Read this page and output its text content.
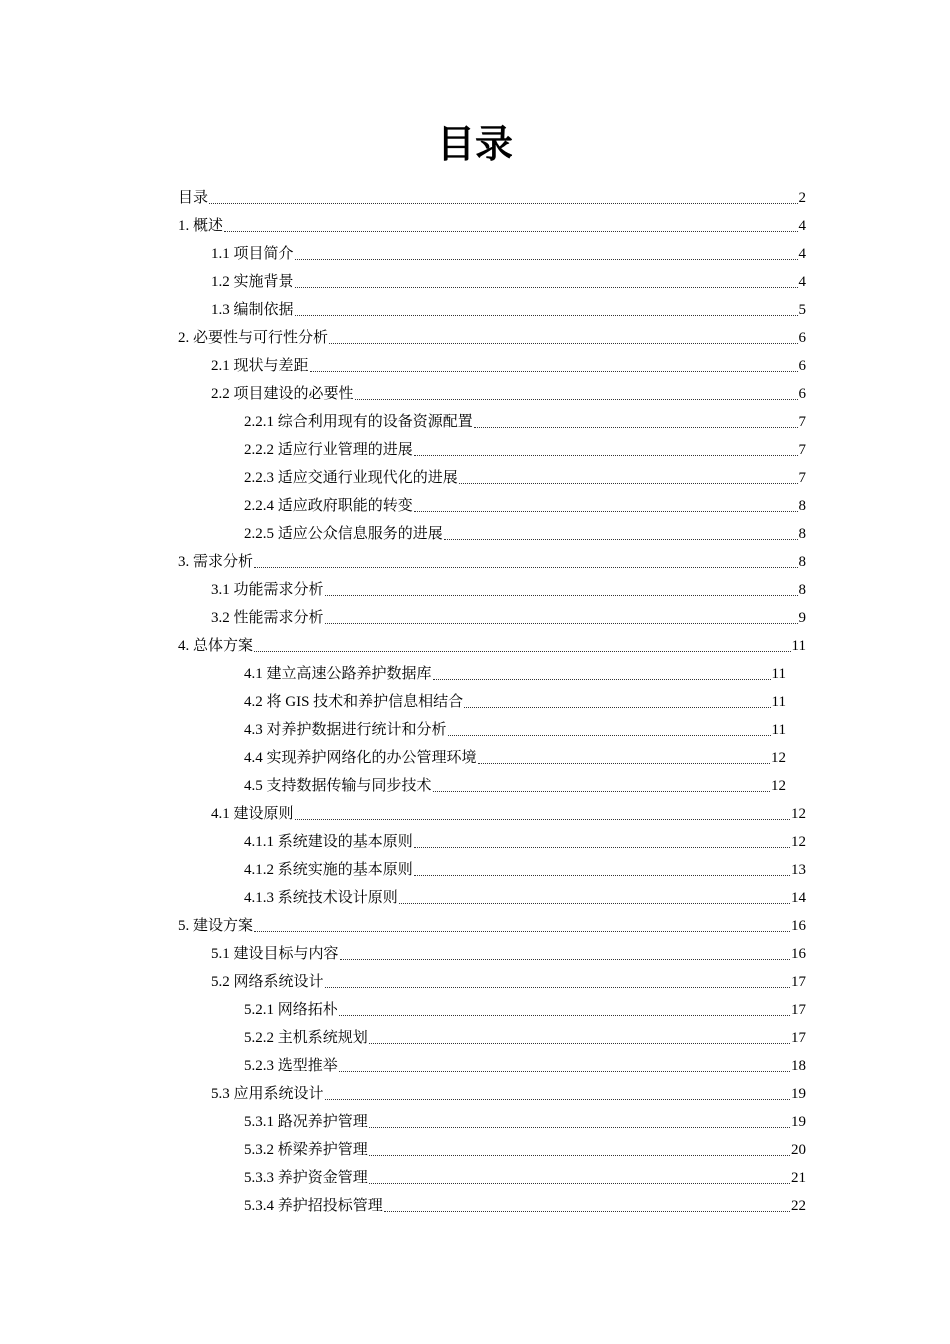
目录
目录	2
1. 概述	4
1.1 项目简介	4
1.2 实施背景	4
1.3 编制依据	5
2. 必要性与可行性分析	6
2.1 现状与差距	6
2.2 项目建设的必要性	6
2.2.1 综合利用现有的设备资源配置	7
2.2.2 适应行业管理的进展	7
2.2.3 适应交通行业现代化的进展	7
2.2.4 适应政府职能的转变	8
2.2.5 适应公众信息服务的进展	8
3. 需求分析	8
3.1 功能需求分析	8
3.2 性能需求分析	9
4. 总体方案	11
4.1 建立高速公路养护数据库	11
4.2 将 GIS 技术和养护信息相结合	11
4.3 对养护数据进行统计和分析	11
4.4 实现养护网络化的办公管理环境	12
4.5 支持数据传输与同步技术	12
4.1 建设原则	12
4.1.1 系统建设的基本原则	12
4.1.2 系统实施的基本原则	13
4.1.3 系统技术设计原则	14
5. 建设方案	16
5.1 建设目标与内容	16
5.2 网络系统设计	17
5.2.1 网络拓朴	17
5.2.2 主机系统规划	17
5.2.3 选型推举	18
5.3 应用系统设计	19
5.3.1 路况养护管理	19
5.3.2 桥梁养护管理	20
5.3.3 养护资金管理	21
5.3.4 养护招投标管理	22
